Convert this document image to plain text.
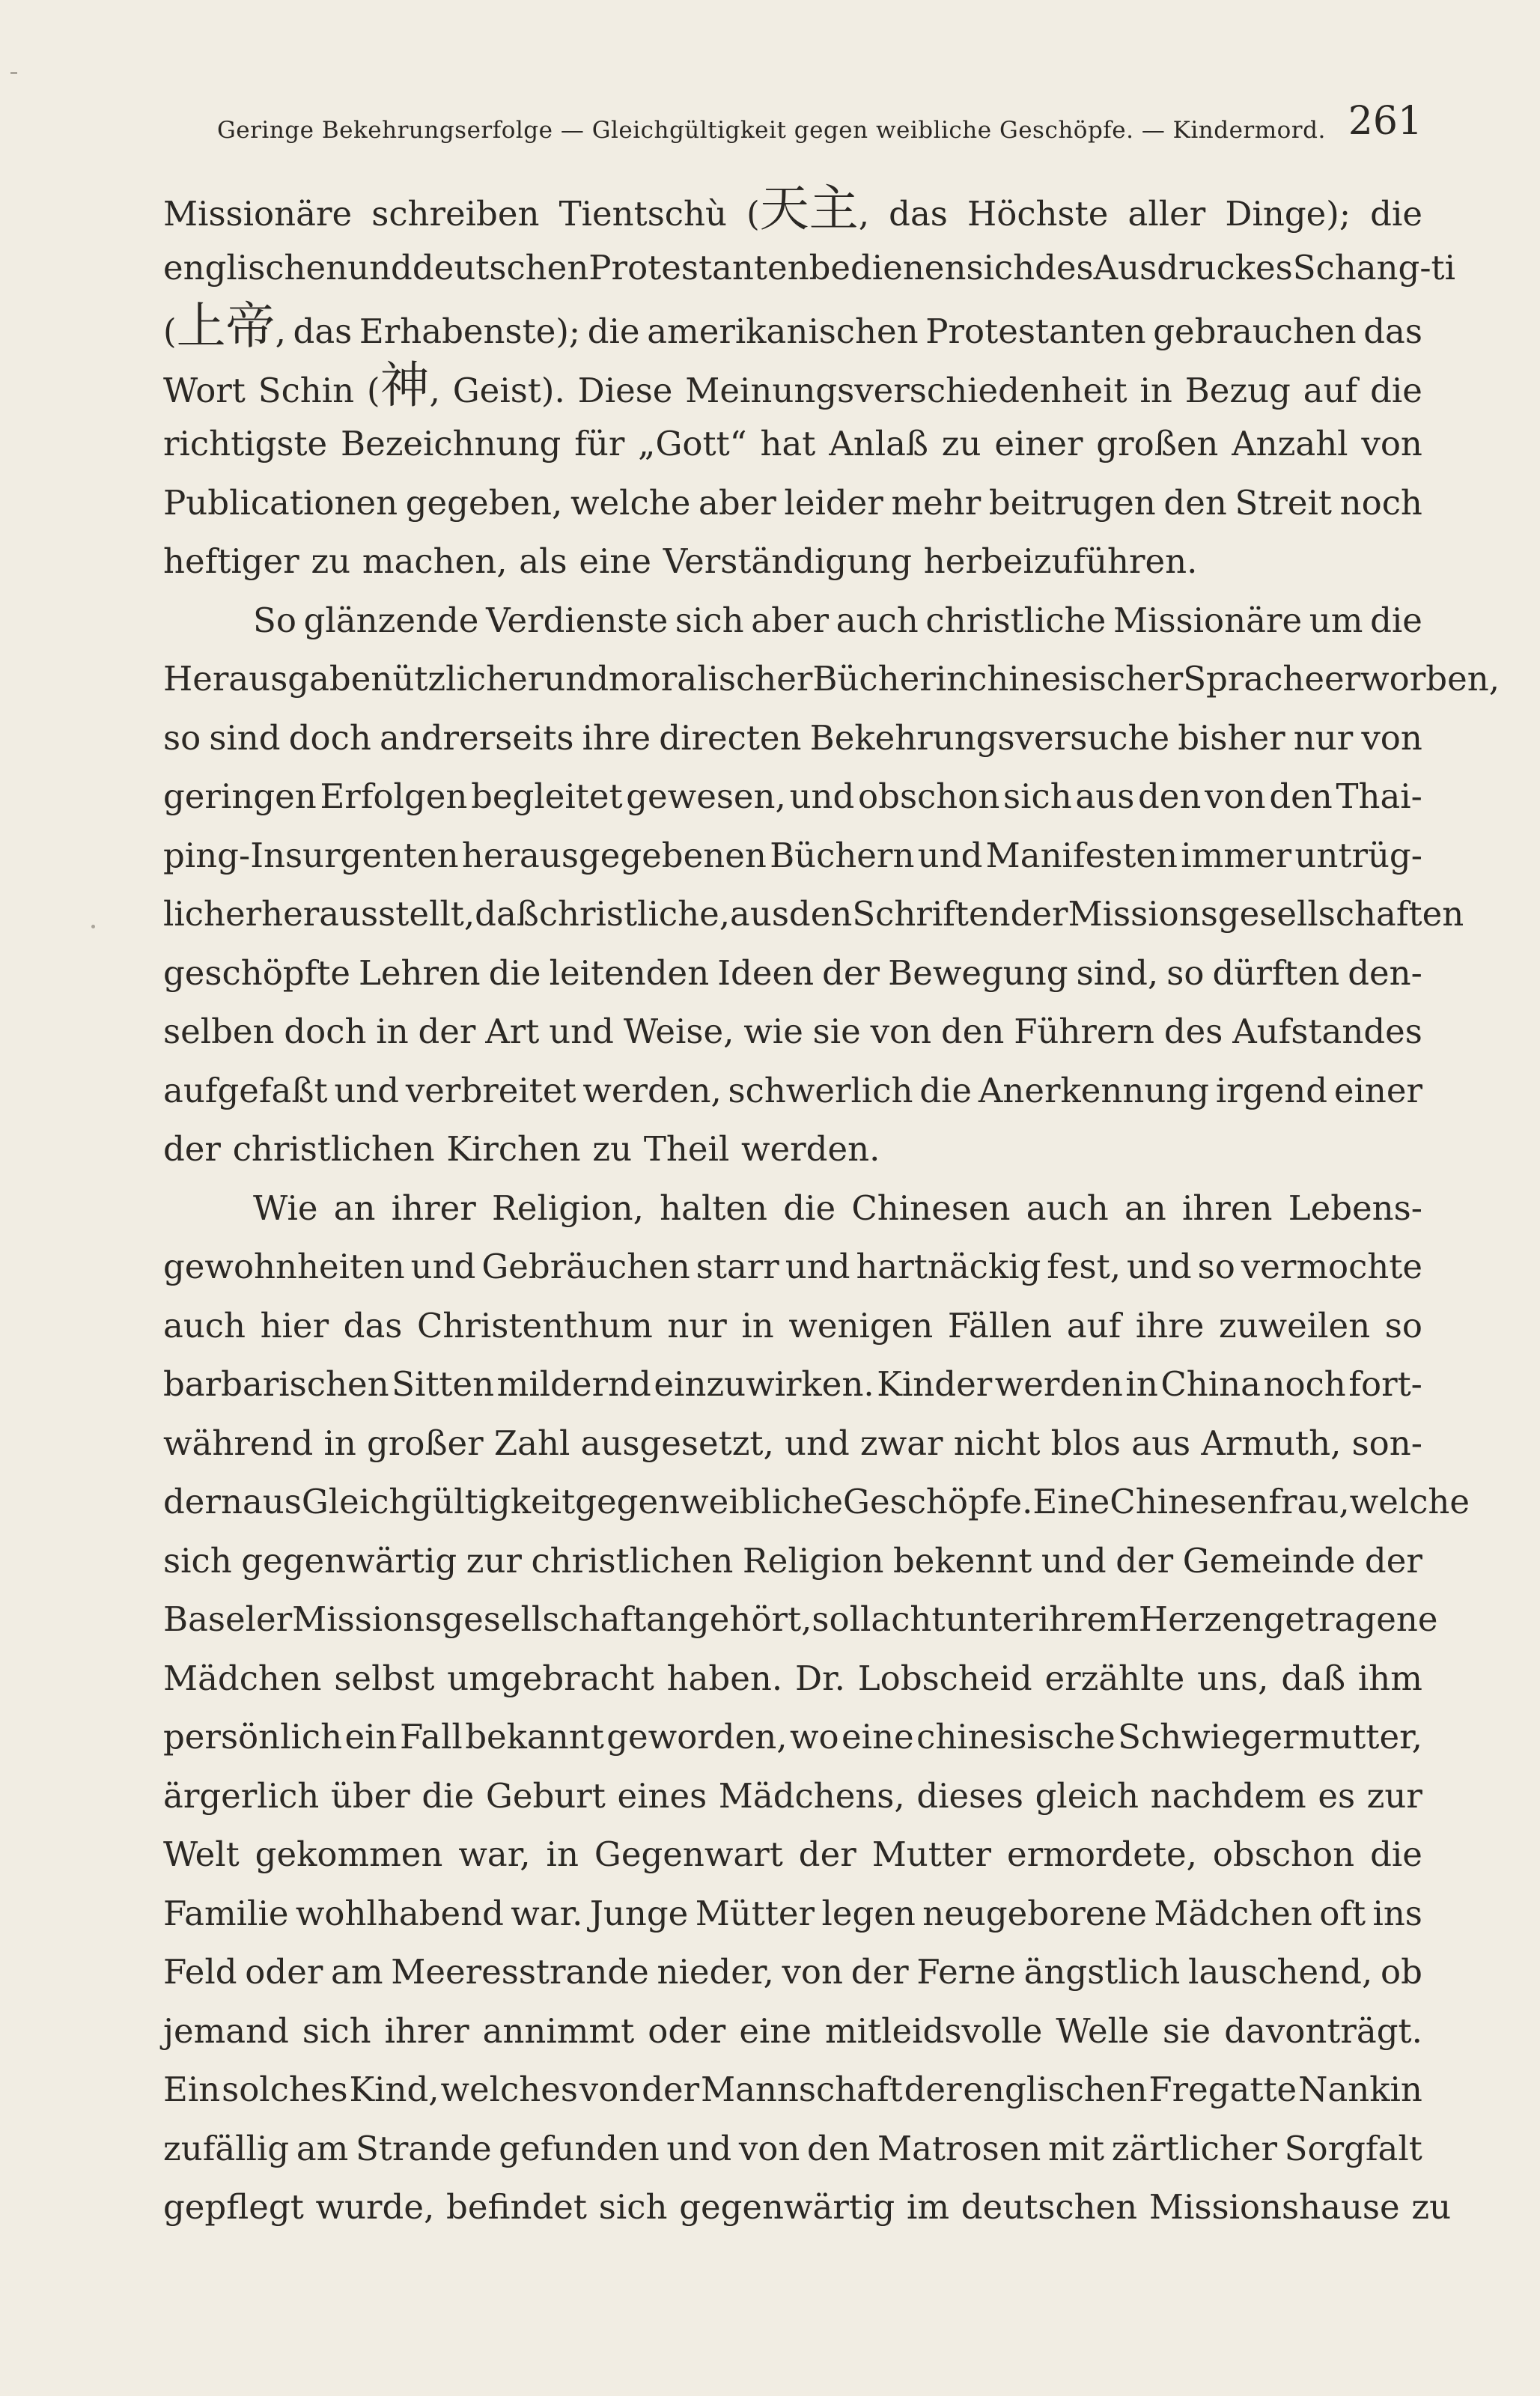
Geringe Bekehrungserfolge — Gleichgültigkeit gegen weibliche Geschöpfe. — Kindermord. 261
Missionäre schreiben Tientschù (天主, das Höchste aller Dinge); die
englischen und deutschen Protestanten bedienen sich des Ausdruckes Schang-ti
(上帝, das Erhabenste); die amerikanischen Protestanten gebrauchen das
Wort Schin (神, Geist). Diese Meinungsverschiedenheit in Bezug auf die
richtigste Bezeichnung für „Gott“ hat Anlaß zu einer großen Anzahl von
Publicationen gegeben, welche aber leider mehr beitrugen den Streit noch
heftiger zu machen, als eine Verständigung herbeizuführen.
So glänzende Verdienste sich aber auch christliche Missionäre um die
Herausgabe nützlicher und moralischer Bücher in chinesischer Sprache erworben,
so sind doch andrerseits ihre directen Bekehrungsversuche bisher nur von
geringen Erfolgen begleitet gewesen, und obschon sich aus den von den Thai-
ping-Insurgenten herausgegebenen Büchern und Manifesten immer untrüg-
licher herausstellt, daß christliche, aus den Schriften der Missionsgesellschaften
geschöpfte Lehren die leitenden Ideen der Bewegung sind, so dürften den-
selben doch in der Art und Weise, wie sie von den Führern des Aufstandes
aufgefaßt und verbreitet werden, schwerlich die Anerkennung irgend einer
der christlichen Kirchen zu Theil werden.
Wie an ihrer Religion, halten die Chinesen auch an ihren Lebens-
gewohnheiten und Gebräuchen starr und hartnäckig fest, und so vermochte
auch hier das Christenthum nur in wenigen Fällen auf ihre zuweilen so
barbarischen Sitten mildernd einzuwirken. Kinder werden in China noch fort-
während in großer Zahl ausgesetzt, und zwar nicht blos aus Armuth, son-
dern aus Gleichgültigkeit gegen weibliche Geschöpfe. Eine Chinesenfrau, welche
sich gegenwärtig zur christlichen Religion bekennt und der Gemeinde der
Baseler Missionsgesellschaft angehört, soll acht unter ihrem Herzen getragene
Mädchen selbst umgebracht haben. Dr. Lobscheid erzählte uns, daß ihm
persönlich ein Fall bekannt geworden, wo eine chinesische Schwiegermutter,
ärgerlich über die Geburt eines Mädchens, dieses gleich nachdem es zur
Welt gekommen war, in Gegenwart der Mutter ermordete, obschon die
Familie wohlhabend war. Junge Mütter legen neugeborene Mädchen oft ins
Feld oder am Meeresstrande nieder, von der Ferne ängstlich lauschend, ob
jemand sich ihrer annimmt oder eine mitleidsvolle Welle sie davonträgt.
Ein solches Kind, welches von der Mannschaft der englischen Fregatte Nankin
zufällig am Strande gefunden und von den Matrosen mit zärtlicher Sorgfalt
gepflegt wurde, befindet sich gegenwärtig im deutschen Missionshause zu
